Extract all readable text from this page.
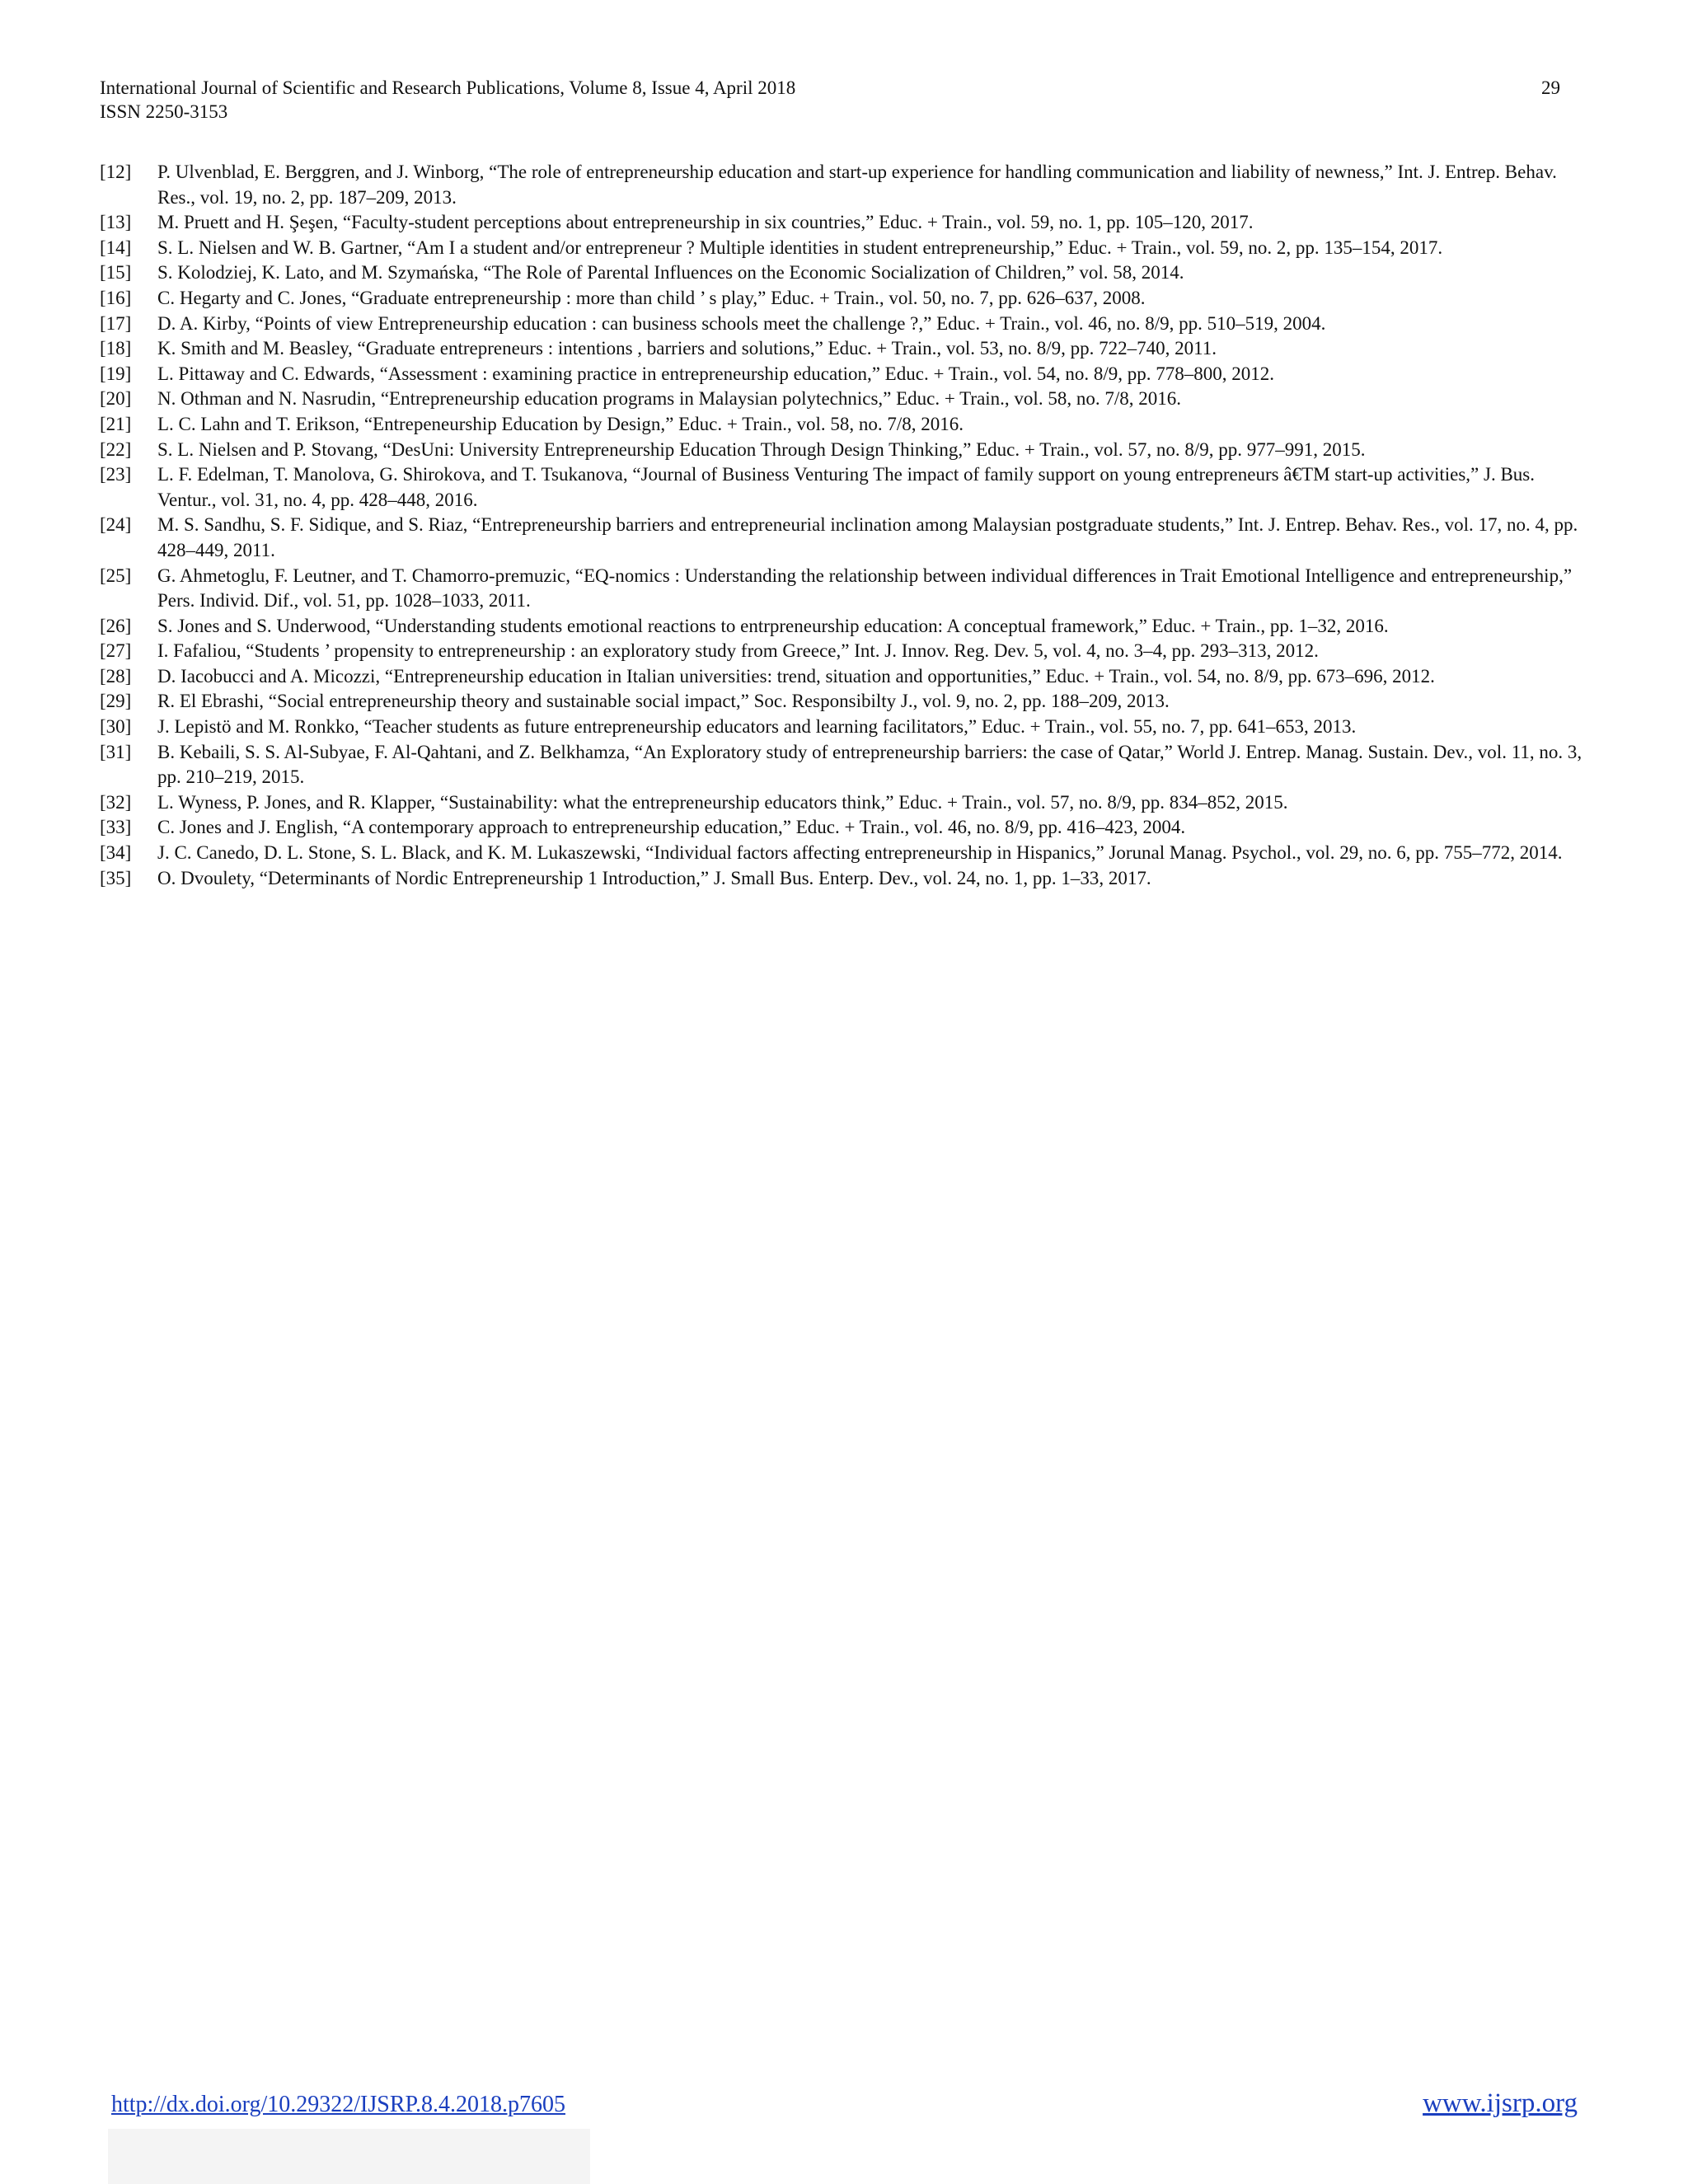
International Journal of Scientific and Research Publications, Volume 8, Issue 4, April 2018
ISSN 2250-3153
29
[12] P. Ulvenblad, E. Berggren, and J. Winborg, “The role of entrepreneurship education and start-up experience for handling communication and liability of newness,” Int. J. Entrep. Behav. Res., vol. 19, no. 2, pp. 187–209, 2013.
[13] M. Pruett and H. Şeşen, “Faculty-student perceptions about entrepreneurship in six countries,” Educ. + Train., vol. 59, no. 1, pp. 105–120, 2017.
[14] S. L. Nielsen and W. B. Gartner, “Am I a student and/or entrepreneur ? Multiple identities in student entrepreneurship,” Educ. + Train., vol. 59, no. 2, pp. 135–154, 2017.
[15] S. Kolodziej, K. Lato, and M. Szymańska, “The Role of Parental Influences on the Economic Socialization of Children,” vol. 58, 2014.
[16] C. Hegarty and C. Jones, “Graduate entrepreneurship : more than child ’ s play,” Educ. + Train., vol. 50, no. 7, pp. 626–637, 2008.
[17] D. A. Kirby, “Points of view Entrepreneurship education : can business schools meet the challenge ?,” Educ. + Train., vol. 46, no. 8/9, pp. 510–519, 2004.
[18] K. Smith and M. Beasley, “Graduate entrepreneurs : intentions , barriers and solutions,” Educ. + Train., vol. 53, no. 8/9, pp. 722–740, 2011.
[19] L. Pittaway and C. Edwards, “Assessment : examining practice in entrepreneurship education,” Educ. + Train., vol. 54, no. 8/9, pp. 778–800, 2012.
[20] N. Othman and N. Nasrudin, “Entrepreneurship education programs in Malaysian polytechnics,” Educ. + Train., vol. 58, no. 7/8, 2016.
[21] L. C. Lahn and T. Erikson, “Entrepeneurship Education by Design,” Educ. + Train., vol. 58, no. 7/8, 2016.
[22] S. L. Nielsen and P. Stovang, “DesUni: University Entrepreneurship Education Through Design Thinking,” Educ. + Train., vol. 57, no. 8/9, pp. 977–991, 2015.
[23] L. F. Edelman, T. Manolova, G. Shirokova, and T. Tsukanova, “Journal of Business Venturing The impact of family support on young entrepreneurs â€TM start-up activities,” J. Bus. Ventur., vol. 31, no. 4, pp. 428–448, 2016.
[24] M. S. Sandhu, S. F. Sidique, and S. Riaz, “Entrepreneurship barriers and entrepreneurial inclination among Malaysian postgraduate students,” Int. J. Entrep. Behav. Res., vol. 17, no. 4, pp. 428–449, 2011.
[25] G. Ahmetoglu, F. Leutner, and T. Chamorro-premuzic, “EQ-nomics : Understanding the relationship between individual differences in Trait Emotional Intelligence and entrepreneurship,” Pers. Individ. Dif., vol. 51, pp. 1028–1033, 2011.
[26] S. Jones and S. Underwood, “Understanding students emotional reactions to entrpreneurship education: A conceptual framework,” Educ. + Train., pp. 1–32, 2016.
[27] I. Fafaliou, “Students ’ propensity to entrepreneurship : an exploratory study from Greece,” Int. J. Innov. Reg. Dev. 5, vol. 4, no. 3–4, pp. 293–313, 2012.
[28] D. Iacobucci and A. Micozzi, “Entrepreneurship education in Italian universities: trend, situation and opportunities,” Educ. + Train., vol. 54, no. 8/9, pp. 673–696, 2012.
[29] R. El Ebrashi, “Social entrepreneurship theory and sustainable social impact,” Soc. Responsibilty J., vol. 9, no. 2, pp. 188–209, 2013.
[30] J. Lepistö and M. Ronkko, “Teacher students as future entrepreneurship educators and learning facilitators,” Educ. + Train., vol. 55, no. 7, pp. 641–653, 2013.
[31] B. Kebaili, S. S. Al-Subyae, F. Al-Qahtani, and Z. Belkhamza, “An Exploratory study of entrepreneurship barriers: the case of Qatar,” World J. Entrep. Manag. Sustain. Dev., vol. 11, no. 3, pp. 210–219, 2015.
[32] L. Wyness, P. Jones, and R. Klapper, “Sustainability: what the entrepreneurship educators think,” Educ. + Train., vol. 57, no. 8/9, pp. 834–852, 2015.
[33] C. Jones and J. English, “A contemporary approach to entrepreneurship education,” Educ. + Train., vol. 46, no. 8/9, pp. 416–423, 2004.
[34] J. C. Canedo, D. L. Stone, S. L. Black, and K. M. Lukaszewski, “Individual factors affecting entrepreneurship in Hispanics,” Jorunal Manag. Psychol., vol. 29, no. 6, pp. 755–772, 2014.
[35] O. Dvoulety, “Determinants of Nordic Entrepreneurship 1 Introduction,” J. Small Bus. Enterp. Dev., vol. 24, no. 1, pp. 1–33, 2017.
http://dx.doi.org/10.29322/IJSRP.8.4.2018.p7605	www.ijsrp.org
